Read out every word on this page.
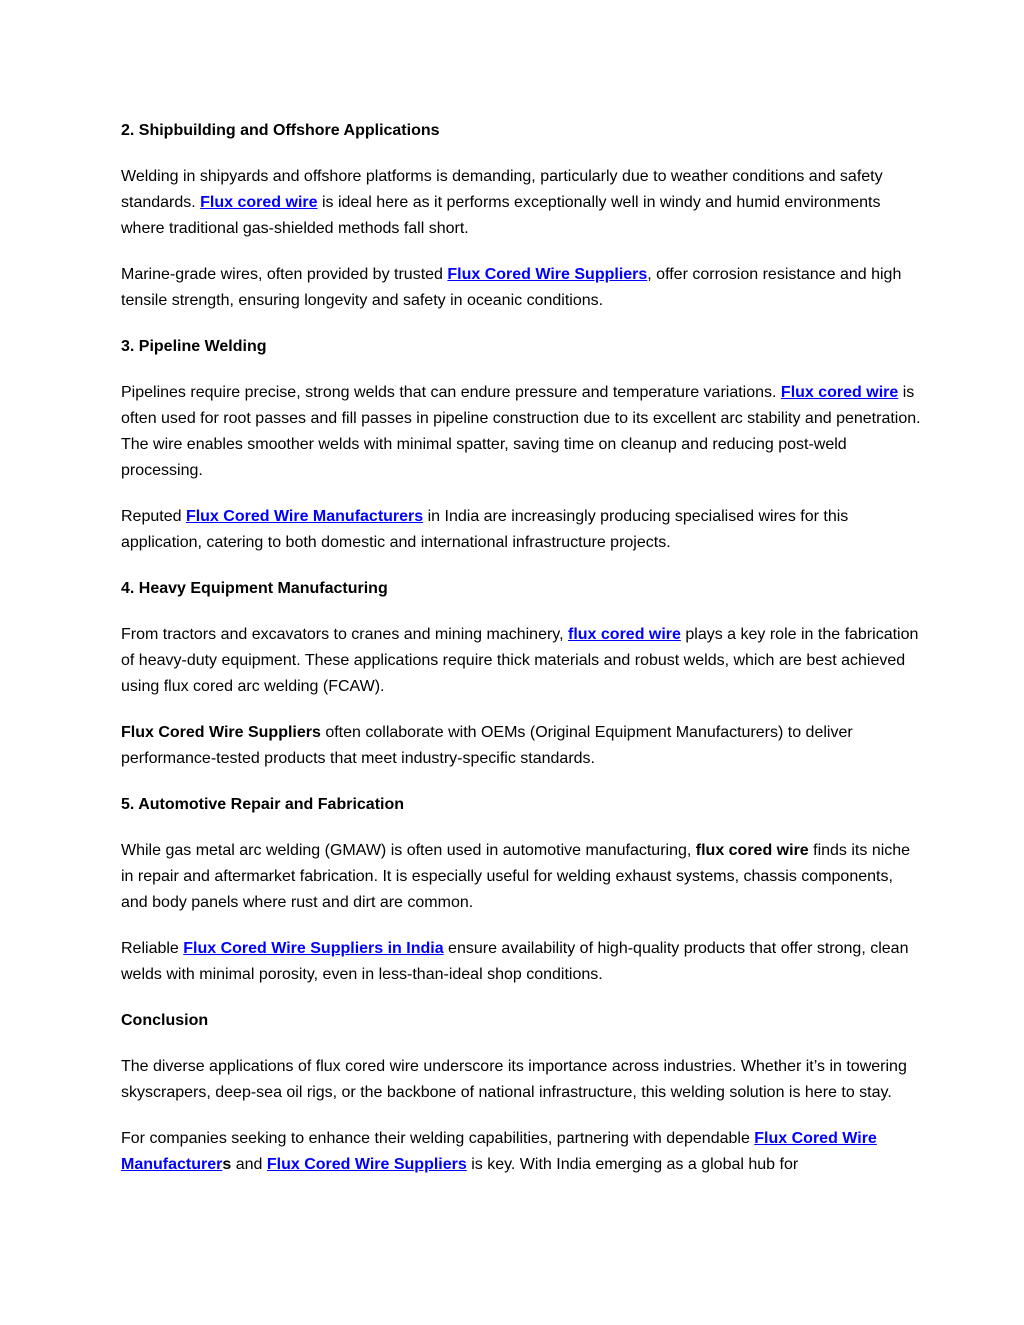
2. Shipbuilding and Offshore Applications

Welding in shipyards and offshore platforms is demanding, particularly due to weather conditions and safety standards. Flux cored wire is ideal here as it performs exceptionally well in windy and humid environments where traditional gas-shielded methods fall short.

Marine-grade wires, often provided by trusted Flux Cored Wire Suppliers, offer corrosion resistance and high tensile strength, ensuring longevity and safety in oceanic conditions.

3. Pipeline Welding

Pipelines require precise, strong welds that can endure pressure and temperature variations. Flux cored wire is often used for root passes and fill passes in pipeline construction due to its excellent arc stability and penetration. The wire enables smoother welds with minimal spatter, saving time on cleanup and reducing post-weld processing.

Reputed Flux Cored Wire Manufacturers in India are increasingly producing specialised wires for this application, catering to both domestic and international infrastructure projects.

4. Heavy Equipment Manufacturing

From tractors and excavators to cranes and mining machinery, flux cored wire plays a key role in the fabrication of heavy-duty equipment. These applications require thick materials and robust welds, which are best achieved using flux cored arc welding (FCAW).

Flux Cored Wire Suppliers often collaborate with OEMs (Original Equipment Manufacturers) to deliver performance-tested products that meet industry-specific standards.

5. Automotive Repair and Fabrication

While gas metal arc welding (GMAW) is often used in automotive manufacturing, flux cored wire finds its niche in repair and aftermarket fabrication. It is especially useful for welding exhaust systems, chassis components, and body panels where rust and dirt are common.

Reliable Flux Cored Wire Suppliers in India ensure availability of high-quality products that offer strong, clean welds with minimal porosity, even in less-than-ideal shop conditions.

Conclusion

The diverse applications of flux cored wire underscore its importance across industries. Whether it’s in towering skyscrapers, deep-sea oil rigs, or the backbone of national infrastructure, this welding solution is here to stay.

For companies seeking to enhance their welding capabilities, partnering with dependable Flux Cored Wire Manufacturers and Flux Cored Wire Suppliers is key. With India emerging as a global hub for
